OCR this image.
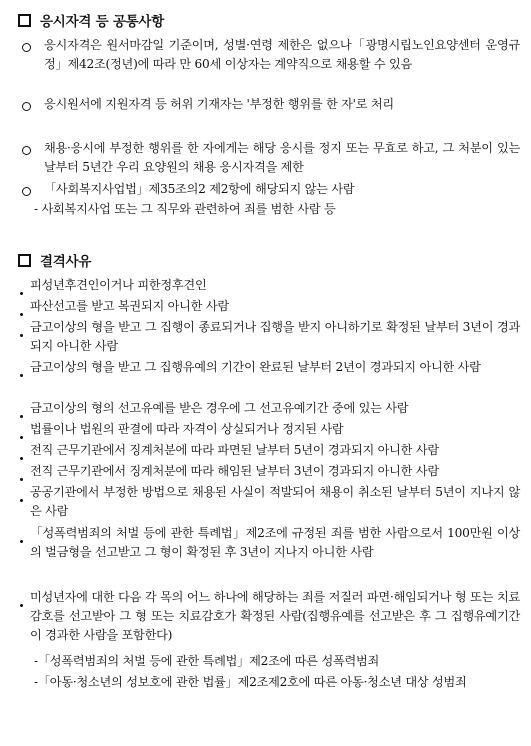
응시자격 등 공통사항
응시자격은 원서마감일 기준이며, 성별·연령 제한은 없으나「광명시립노인요양센터 운영규정」제42조(정년)에 따라 만 60세 이상자는 계약직으로 채용할 수 있음
응시원서에 지원자격 등 허위 기재자는 '부정한 행위를 한 자'로 처리
채용·응시에 부정한 행위를 한 자에게는 해당 응시를 정지 또는 무효로 하고, 그 처분이 있는 날부터 5년간 우리 요양원의 채용 응시자격을 제한
「사회복지사업법」제35조의2 제2항에 해당되지 않는 사람
- 사회복지사업 또는 그 직무와 관련하여 죄를 범한 사람 등
결격사유
피성년후견인이거나 피한정후견인
파산선고를 받고 복권되지 아니한 사람
금고이상의 형을 받고 그 집행이 종료되거나 집행을 받지 아니하기로 확정된 날부터 3년이 경과되지 아니한 사람
금고이상의 형을 받고 그 집행유예의 기간이 완료된 날부터 2년이 경과되지 아니한 사람
금고이상의 형의 선고유예를 받은 경우에 그 선고유예기간 중에 있는 사람
법률이나 법원의 판결에 따라 자격이 상실되거나 정지된 사람
전직 근무기관에서 징계처분에 따라 파면된 날부터 5년이 경과되지 아니한 사람
전직 근무기관에서 징계처분에 따라 해임된 날부터 3년이 경과되지 아니한 사람
공공기관에서 부정한 방법으로 채용된 사실이 적발되어 채용이 취소된 날부터 5년이 지나지 않은 사람
「성폭력범죄의 처벌 등에 관한 특례법」제2조에 규정된 죄를 범한 사람으로서 100만원 이상의 벌금형을 선고받고 그 형이 확정된 후 3년이 지나지 아니한 사람
미성년자에 대한 다음 각 목의 어느 하나에 해당하는 죄를 저질러 파면·해임되거나 형 또는 치료감호를 선고받아 그 형 또는 치료감호가 확정된 사람(집행유예를 선고받은 후 그 집행유예기간이 경과한 사람을 포함한다)
-「성폭력범죄의 처벌 등에 관한 특례법」제2조에 따른 성폭력범죄
-「아동·청소년의 성보호에 관한 법률」제2조제2호에 따른 아동·청소년 대상 성범죄
